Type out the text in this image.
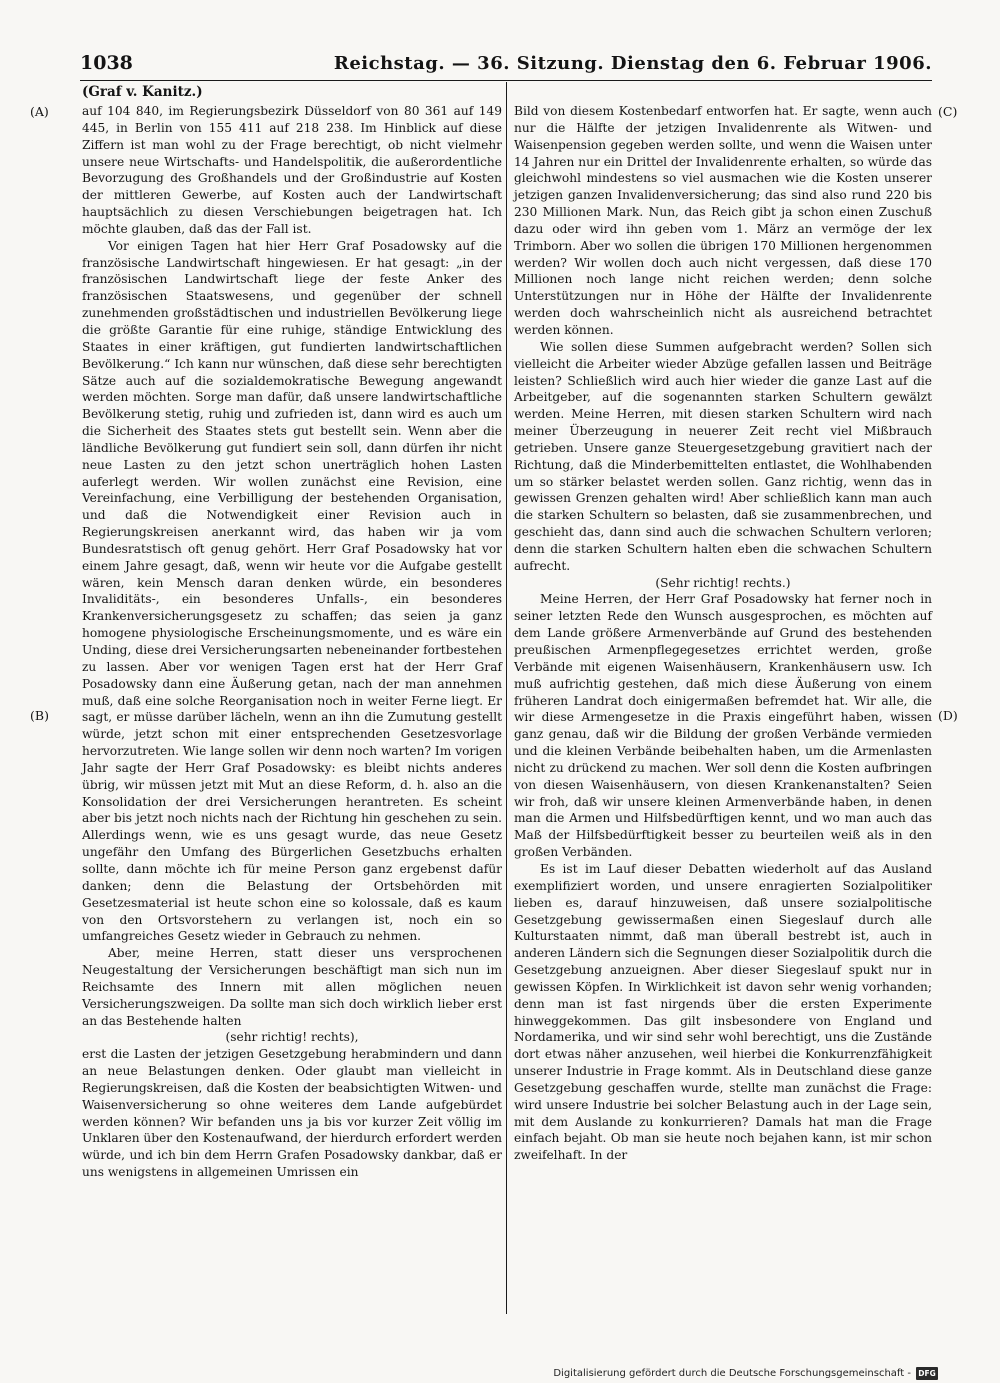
1038	Reichstag. — 36. Sitzung. Dienstag den 6. Februar 1906.
(Graf v. Kanitz.)
(A)
(B)
(C)
(D)

auf 104 840, im Regierungsbezirk Düsseldorf von 80 361 auf 149 445, in Berlin von 155 411 auf 218 238. Im Hinblick auf diese Ziffern ist man wohl zu der Frage berechtigt, ob nicht vielmehr unsere neue Wirtschafts- und Handelspolitik, die außerordentliche Bevorzugung des Großhandels und der Großindustrie auf Kosten der mittleren Gewerbe, auf Kosten auch der Landwirtschaft hauptsächlich zu diesen Verschiebungen beigetragen hat. Ich möchte glauben, daß das der Fall ist.

Vor einigen Tagen hat hier Herr Graf Posadowsky auf die französische Landwirtschaft hingewiesen. Er hat gesagt: „in der französischen Landwirtschaft liege der feste Anker des französischen Staatswesens, und gegenüber der schnell zunehmenden großstädtischen und industriellen Bevölkerung liege die größte Garantie für eine ruhige, ständige Entwicklung des Staates in einer kräftigen, gut fundierten landwirtschaftlichen Bevölkerung.“ Ich kann nur wünschen, daß diese sehr berechtigten Sätze auch auf die sozialdemokratische Bewegung angewandt werden möchten. Sorge man dafür, daß unsere landwirtschaftliche Bevölkerung stetig, ruhig und zufrieden ist, dann wird es auch um die Sicherheit des Staates stets gut bestellt sein. Wenn aber die ländliche Bevölkerung gut fundiert sein soll, dann dürfen ihr nicht neue Lasten zu den jetzt schon unerträglich hohen Lasten auferlegt werden. Wir wollen zunächst eine Revision, eine Vereinfachung, eine Verbilligung der bestehenden Organisation, und daß die Notwendigkeit einer Revision auch in Regierungskreisen anerkannt wird, das haben wir ja vom Bundesratstisch oft genug gehört. Herr Graf Posadowsky hat vor einem Jahre gesagt, daß, wenn wir heute vor die Aufgabe gestellt wären, kein Mensch daran denken würde, ein besonderes Invaliditäts-, ein besonderes Unfalls-, ein besonderes Krankenversicherungsgesetz zu schaffen; das seien ja ganz homogene physiologische Erscheinungsmomente, und es wäre ein Unding, diese drei Versicherungsarten nebeneinander fortbestehen zu lassen. Aber vor wenigen Tagen erst hat der Herr Graf Posadowsky dann eine Äußerung getan, nach der man annehmen muß, daß eine solche Reorganisation noch in weiter Ferne liegt. Er sagt, er müsse darüber lächeln, wenn an ihn die Zumutung gestellt würde, jetzt schon mit einer entsprechenden Gesetzesvorlage hervorzutreten. Wie lange sollen wir denn noch warten? Im vorigen Jahr sagte der Herr Graf Posadowsky: es bleibt nichts anderes übrig, wir müssen jetzt mit Mut an diese Reform, d. h. also an die Konsolidation der drei Versicherungen herantreten. Es scheint aber bis jetzt noch nichts nach der Richtung hin geschehen zu sein. Allerdings wenn, wie es uns gesagt wurde, das neue Gesetz ungefähr den Umfang des Bürgerlichen Gesetzbuchs erhalten sollte, dann möchte ich für meine Person ganz ergebenst dafür danken; denn die Belastung der Ortsbehörden mit Gesetzesmaterial ist heute schon eine so kolossale, daß es kaum von den Ortsvorstehern zu verlangen ist, noch ein so umfangreiches Gesetz wieder in Gebrauch zu nehmen.

Aber, meine Herren, statt dieser uns versprochenen Neugestaltung der Versicherungen beschäftigt man sich nun im Reichsamte des Innern mit allen möglichen neuen Versicherungszweigen. Da sollte man sich doch wirklich lieber erst an das Bestehende halten

(sehr richtig! rechts),

erst die Lasten der jetzigen Gesetzgebung herabmindern und dann an neue Belastungen denken. Oder glaubt man vielleicht in Regierungskreisen, daß die Kosten der beabsichtigten Witwen- und Waisenversicherung so ohne weiteres dem Lande aufgebürdet werden können? Wir befanden uns ja bis vor kurzer Zeit völlig im Unklaren über den Kostenaufwand, der hierdurch erfordert werden würde, und ich bin dem Herrn Grafen Posadowsky dankbar, daß er uns wenigstens in allgemeinen Umrissen ein

Bild von diesem Kostenbedarf entworfen hat. Er sagte, wenn auch nur die Hälfte der jetzigen Invalidenrente als Witwen- und Waisenpension gegeben werden sollte, und wenn die Waisen unter 14 Jahren nur ein Drittel der Invalidenrente erhalten, so würde das gleichwohl mindestens so viel ausmachen wie die Kosten unserer jetzigen ganzen Invalidenversicherung; das sind also rund 220 bis 230 Millionen Mark. Nun, das Reich gibt ja schon einen Zuschuß dazu oder wird ihn geben vom 1. März an vermöge der lex Trimborn. Aber wo sollen die übrigen 170 Millionen hergenommen werden? Wir wollen doch auch nicht vergessen, daß diese 170 Millionen noch lange nicht reichen werden; denn solche Unterstützungen nur in Höhe der Hälfte der Invalidenrente werden doch wahrscheinlich nicht als ausreichend betrachtet werden können.

Wie sollen diese Summen aufgebracht werden? Sollen sich vielleicht die Arbeiter wieder Abzüge gefallen lassen und Beiträge leisten? Schließlich wird auch hier wieder die ganze Last auf die Arbeitgeber, auf die sogenannten starken Schultern gewälzt werden. Meine Herren, mit diesen starken Schultern wird nach meiner Überzeugung in neuerer Zeit recht viel Mißbrauch getrieben. Unsere ganze Steuergesetzgebung gravitiert nach der Richtung, daß die Minderbemittelten entlastet, die Wohlhabenden um so stärker belastet werden sollen. Ganz richtig, wenn das in gewissen Grenzen gehalten wird! Aber schließlich kann man auch die starken Schultern so belasten, daß sie zusammenbrechen, und geschieht das, dann sind auch die schwachen Schultern verloren; denn die starken Schultern halten eben die schwachen Schultern aufrecht.

(Sehr richtig! rechts.)

Meine Herren, der Herr Graf Posadowsky hat ferner noch in seiner letzten Rede den Wunsch ausgesprochen, es möchten auf dem Lande größere Armenverbände auf Grund des bestehenden preußischen Armenpflegegesetzes errichtet werden, große Verbände mit eigenen Waisenhäusern, Krankenhäusern usw. Ich muß aufrichtig gestehen, daß mich diese Äußerung von einem früheren Landrat doch einigermaßen befremdet hat. Wir alle, die wir diese Armengesetze in die Praxis eingeführt haben, wissen ganz genau, daß wir die Bildung der großen Verbände vermieden und die kleinen Verbände beibehalten haben, um die Armenlasten nicht zu drückend zu machen. Wer soll denn die Kosten aufbringen von diesen Waisenhäusern, von diesen Krankenanstalten? Seien wir froh, daß wir unsere kleinen Armenverbände haben, in denen man die Armen und Hilfsbedürftigen kennt, und wo man auch das Maß der Hilfsbedürftigkeit besser zu beurteilen weiß als in den großen Verbänden.

Es ist im Lauf dieser Debatten wiederholt auf das Ausland exemplifiziert worden, und unsere enragierten Sozialpolitiker lieben es, darauf hinzuweisen, daß unsere sozialpolitische Gesetzgebung gewissermaßen einen Siegeslauf durch alle Kulturstaaten nimmt, daß man überall bestrebt ist, auch in anderen Ländern sich die Segnungen dieser Sozialpolitik durch die Gesetzgebung anzueignen. Aber dieser Siegeslauf spukt nur in gewissen Köpfen. In Wirklichkeit ist davon sehr wenig vorhanden; denn man ist fast nirgends über die ersten Experimente hinweggekommen. Das gilt insbesondere von England und Nordamerika, und wir sind sehr wohl berechtigt, uns die Zustände dort etwas näher anzusehen, weil hierbei die Konkurrenzfähigkeit unserer Industrie in Frage kommt. Als in Deutschland diese ganze Gesetzgebung geschaffen wurde, stellte man zunächst die Frage: wird unsere Industrie bei solcher Belastung auch in der Lage sein, mit dem Auslande zu konkurrieren? Damals hat man die Frage einfach bejaht. Ob man sie heute noch bejahen kann, ist mir schon zweifelhaft. In der

Digitalisierung gefördert durch die Deutsche Forschungsgemeinschaft - DFG
